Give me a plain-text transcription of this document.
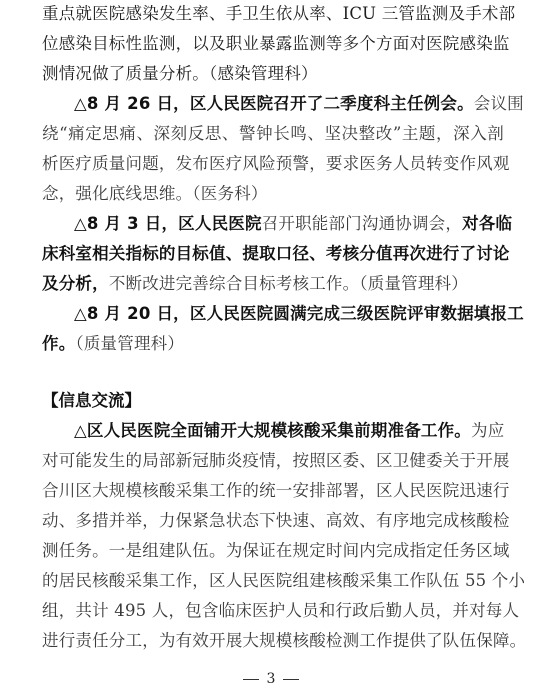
重点就医院感染发生率、手卫生依从率、ICU 三管监测及手术部
位感染目标性监测，以及职业暴露监测等多个方面对医院感染监
测情况做了质量分析。（感染管理科）
△8 月 26 日，区人民医院召开了二季度科主任例会。会议围
绕“痛定思痛、深刻反思、警钟长鸣、坚决整改”主题，深入剖
析医疗质量问题，发布医疗风险预警，要求医务人员转变作风观
念，强化底线思维。（医务科）
△8 月 3 日，区人民医院召开职能部门沟通协调会，对各临
床科室相关指标的目标值、提取口径、考核分值再次进行了讨论
及分析，不断改进完善综合目标考核工作。（质量管理科）
△8 月 20 日，区人民医院圆满完成三级医院评审数据填报工
作。（质量管理科）
【信息交流】
△区人民医院全面铺开大规模核酸采集前期准备工作。为应
对可能发生的局部新冠肺炎疫情，按照区委、区卫健委关于开展
合川区大规模核酸采集工作的统一安排部署，区人民医院迅速行
动、多措并举，力保紧急状态下快速、高效、有序地完成核酸检
测任务。一是组建队伍。为保证在规定时间内完成指定任务区域
的居民核酸采集工作，区人民医院组建核酸采集工作队伍 55 个小
组，共计 495 人，包含临床医护人员和行政后勤人员，并对每人
进行责任分工，为有效开展大规模核酸检测工作提供了队伍保障。
3
